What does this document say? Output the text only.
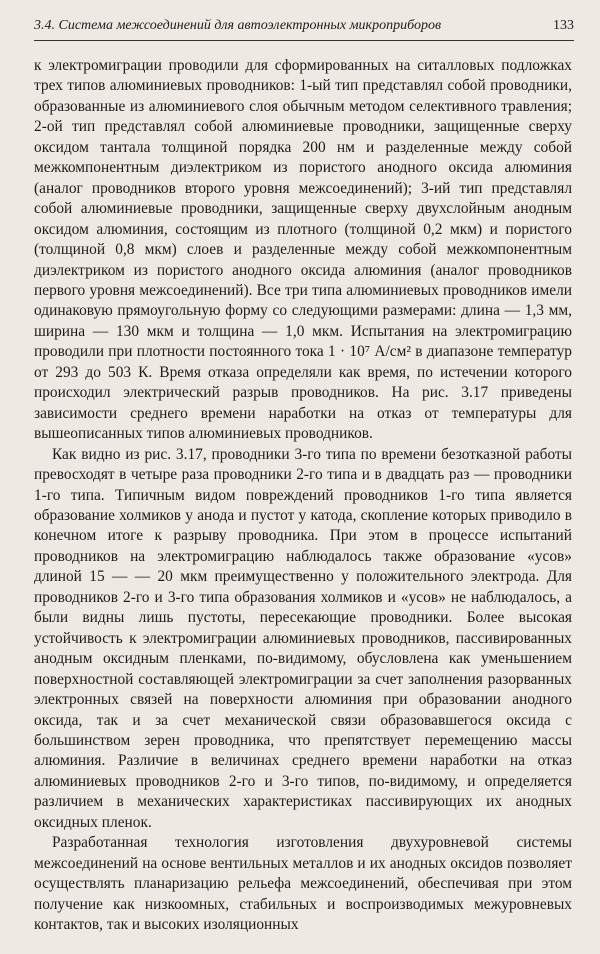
3.4. Система межсоединений для автоэлектронных микроприборов	133

к электромиграции проводили для сформированных на ситалловых подложках трех типов алюминиевых проводников: 1-ый тип представлял собой проводники, образованные из алюминиевого слоя обычным методом селективного травления; 2-ой тип представлял собой алюминиевые проводники, защищенные сверху оксидом тантала толщиной порядка 200 нм и разделенные между собой межкомпонентным диэлектриком из пористого анодного оксида алюминия (аналог проводников второго уровня межсоединений); 3-ий тип представлял собой алюминиевые проводники, защищенные сверху двухслойным анодным оксидом алюминия, состоящим из плотного (толщиной 0,2 мкм) и пористого (толщиной 0,8 мкм) слоев и разделенные между собой межкомпонентным диэлектриком из пористого анодного оксида алюминия (аналог проводников первого уровня межсоединений). Все три типа алюминиевых проводников имели одинаковую прямоугольную форму со следующими размерами: длина — 1,3 мм, ширина — 130 мкм и толщина — 1,0 мкм. Испытания на электромиграцию проводили при плотности постоянного тока 1 · 10⁷ А/см² в диапазоне температур от 293 до 503 К. Время отказа определяли как время, по истечении которого происходил электрический разрыв проводников. На рис. 3.17 приведены зависимости среднего времени наработки на отказ от температуры для вышеописанных типов алюминиевых проводников.

Как видно из рис. 3.17, проводники 3-го типа по времени безотказной работы превосходят в четыре раза проводники 2-го типа и в двадцать раз — проводники 1-го типа. Типичным видом повреждений проводников 1-го типа является образование холмиков у анода и пустот у катода, скопление которых приводило в конечном итоге к разрыву проводника. При этом в процессе испытаний проводников на электромиграцию наблюдалось также образование «усов» длиной 15 — — 20 мкм преимущественно у положительного электрода. Для проводников 2-го и 3-го типа образования холмиков и «усов» не наблюдалось, а были видны лишь пустоты, пересекающие проводники. Более высокая устойчивость к электромиграции алюминиевых проводников, пассивированных анодным оксидным пленками, по-видимому, обусловлена как уменьшением поверхностной составляющей электромиграции за счет заполнения разорванных электронных связей на поверхности алюминия при образовании анодного оксида, так и за счет механической связи образовавшегося оксида с большинством зерен проводника, что препятствует перемещению массы алюминия. Различие в величинах среднего времени наработки на отказ алюминиевых проводников 2-го и 3-го типов, по-видимому, и определяется различием в механических характеристиках пассивирующих их анодных оксидных пленок.

Разработанная технология изготовления двухуровневой системы межсоединений на основе вентильных металлов и их анодных оксидов позволяет осуществлять планаризацию рельефа межсоединений, обеспечивая при этом получение как низкоомных, стабильных и воспроизводимых межуровневых контактов, так и высоких изоляционных
